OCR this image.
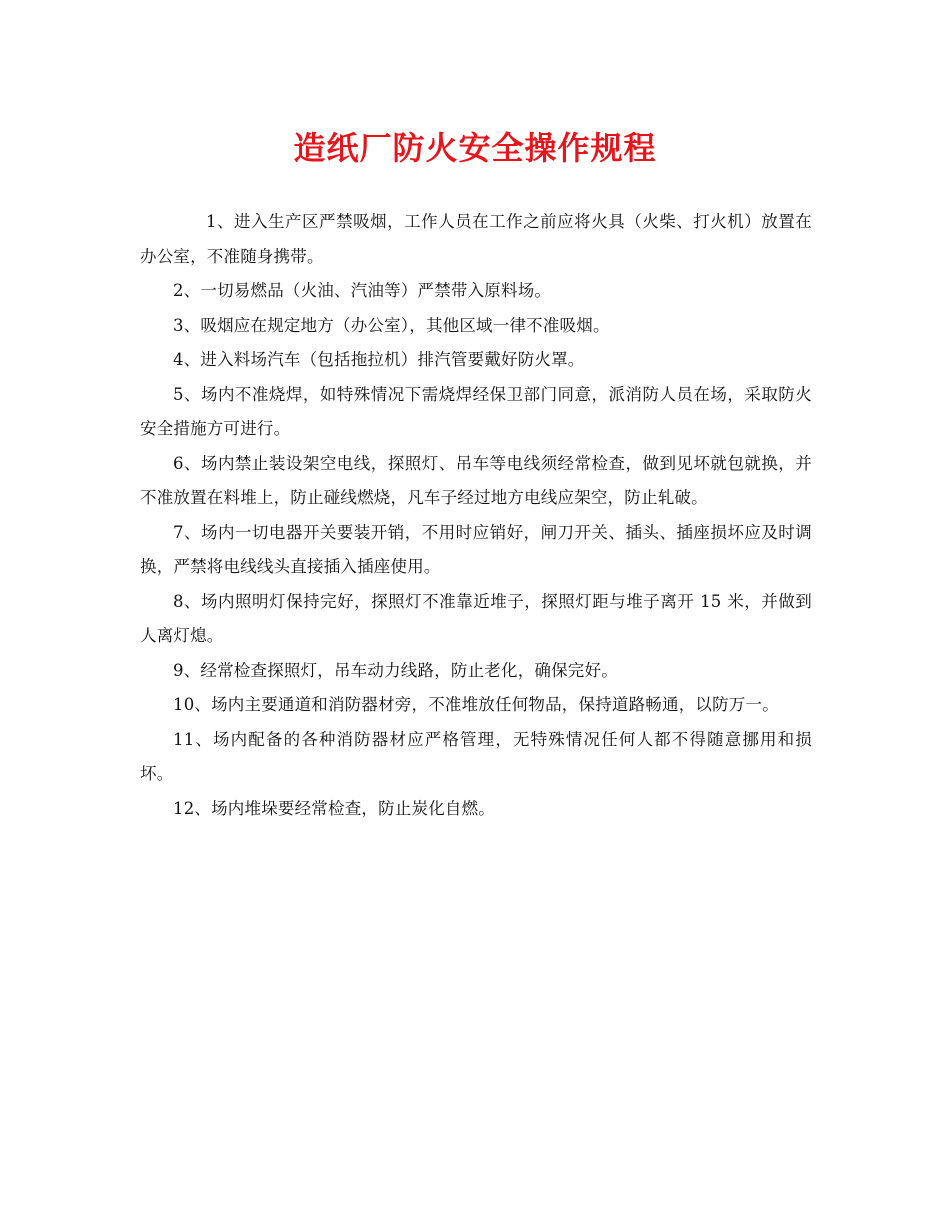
造纸厂防火安全操作规程

1、进入生产区严禁吸烟，工作人员在工作之前应将火具（火柴、打火机）放置在办公室，不准随身携带。

2、一切易燃品（火油、汽油等）严禁带入原料场。

3、吸烟应在规定地方（办公室），其他区域一律不准吸烟。

4、进入料场汽车（包括拖拉机）排汽管要戴好防火罩。

5、场内不准烧焊，如特殊情况下需烧焊经保卫部门同意，派消防人员在场，采取防火安全措施方可进行。

6、场内禁止装设架空电线，探照灯、吊车等电线须经常检查，做到见坏就包就换，并不准放置在料堆上，防止碰线燃烧，凡车子经过地方电线应架空，防止轧破。

7、场内一切电器开关要装开销，不用时应销好，闸刀开关、插头、插座损坏应及时调换，严禁将电线线头直接插入插座使用。

8、场内照明灯保持完好，探照灯不准靠近堆子，探照灯距与堆子离开 15 米，并做到人离灯熄。

9、经常检查探照灯，吊车动力线路，防止老化，确保完好。

10、场内主要通道和消防器材旁，不准堆放任何物品，保持道路畅通，以防万一。

11、场内配备的各种消防器材应严格管理，无特殊情况任何人都不得随意挪用和损坏。

12、场内堆垛要经常检查，防止炭化自燃。
